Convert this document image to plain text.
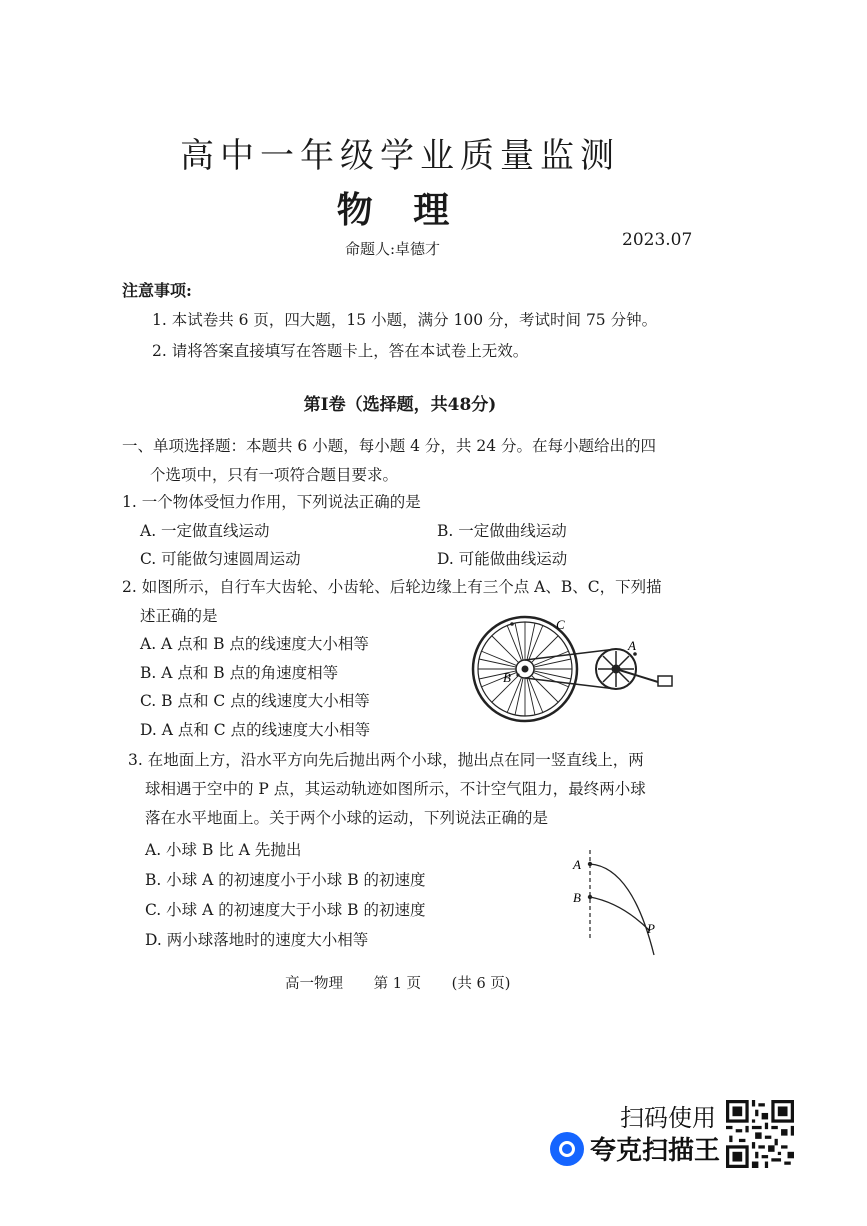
高中一年级学业质量监测
物 理
命题人:卓德才	2023.07
注意事项:
1. 本试卷共 6 页，四大题，15 小题，满分 100 分，考试时间 75 分钟。
2. 请将答案直接填写在答题卡上，答在本试卷上无效。
第I卷（选择题，共48分)
一、单项选择题：本题共 6 小题，每小题 4 分，共 24 分。在每小题给出的四
个选项中，只有一项符合题目要求。
1. 一个物体受恒力作用，下列说法正确的是
A. 一定做直线运动	B. 一定做曲线运动
C. 可能做匀速圆周运动	D. 可能做曲线运动
2. 如图所示，自行车大齿轮、小齿轮、后轮边缘上有三个点 A、B、C，下列描
述正确的是
A. A 点和 B 点的线速度大小相等
B. A 点和 B 点的角速度相等
C. B 点和 C 点的线速度大小相等
D. A 点和 C 点的线速度大小相等
C
A
B
3. 在地面上方，沿水平方向先后抛出两个小球，抛出点在同一竖直线上，两
球相遇于空中的 P 点，其运动轨迹如图所示，不计空气阻力，最终两小球
落在水平地面上。关于两个小球的运动，下列说法正确的是
A. 小球 B 比 A 先抛出
B. 小球 A 的初速度小于小球 B 的初速度
C. 小球 A 的初速度大于小球 B 的初速度
D. 两小球落地时的速度大小相等
A
B
P
高一物理 第 1 页 (共 6 页)
扫码使用
夸克扫描王
